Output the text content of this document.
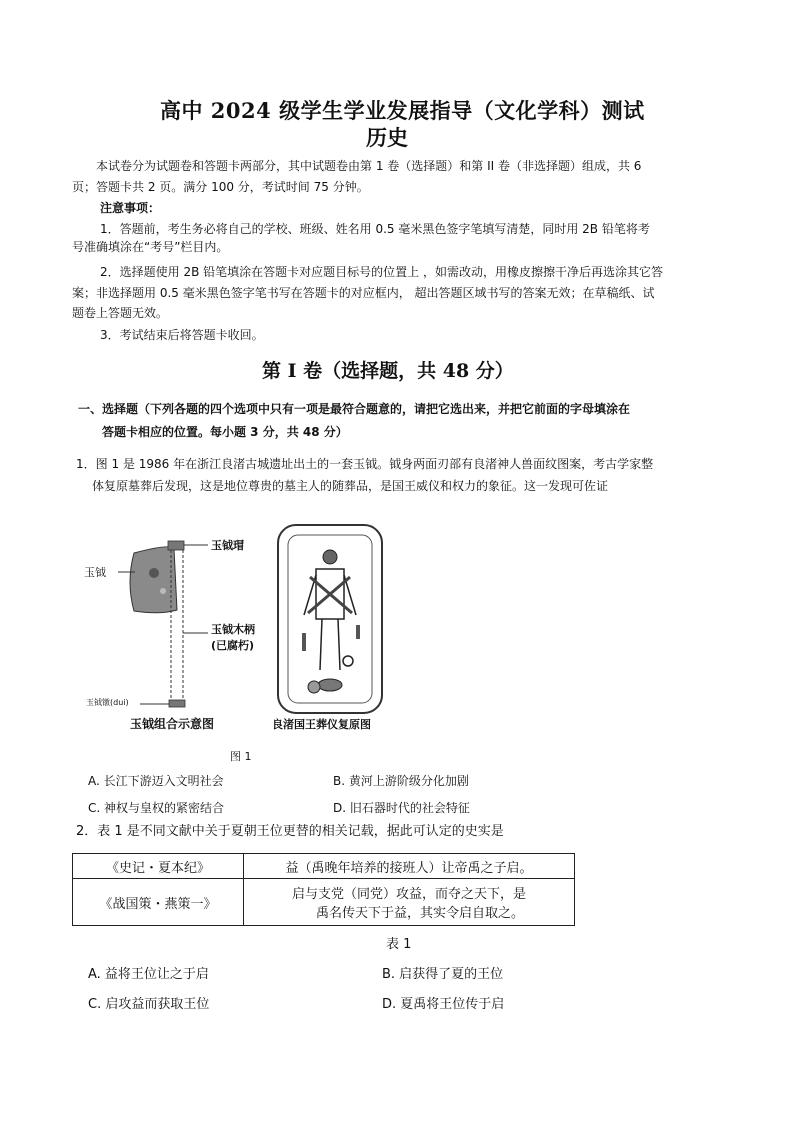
高中 2024 级学生学业发展指导（文化学科）测试
历史
本试卷分为试题卷和答题卡两部分，其中试题卷由第 1 卷（选择题）和第 II 卷（非选择题）组成，共 6
页；答题卡共 2 页。满分 100 分，考试时间 75 分钟。
注意事项：
1．答题前，考生务必将自己的学校、班级、姓名用 0.5 毫米黑色签字笔填写清楚，同时用 2B 铅笔将考
号准确填涂在“考号”栏目内。
2．选择题使用 2B 铅笔填涂在答题卡对应题目标号的位置上 ，如需改动，用橡皮擦擦干净后再选涂其它答
案；非选择题用 0.5 毫米黑色签字笔书写在答题卡的对应框内， 超出答题区域书写的答案无效；在草稿纸、试
题卷上答题无效。
3．考试结束后将答题卡收回。
第 I 卷（选择题，共 48 分）
一、选择题（下列各题的四个选项中只有一项是最符合题意的，请把它选出来，并把它前面的字母填涂在
答题卡相应的位置。每小题 3 分，共 48 分）
1．图 1 是 1986 年在浙江良渚古城遗址出土的一套玉钺。钺身两面刃部有良渚神人兽面纹图案，考古学家整
体复原墓葬后发现，这是地位尊贵的墓主人的随葬品，是国王威仪和权力的象征。这一发现可佐证
玉钺
玉钺瑁
玉钺木柄
(已腐朽)
玉钺镦(dui)
玉钺组合示意图	良渚国王葬仪复原图
图 1
A. 长江下游迈入文明社会	B. 黄河上游阶级分化加剧
C. 神权与皇权的紧密结合	D. 旧石器时代的社会特征
2．表 1 是不同文献中关于夏朝王位更替的相关记载，据此可认定的史实是
《史记・夏本纪》	益（禹晚年培养的接班人）让帝禹之子启。
《战国策・燕策一》	启与支党（同党）攻益，而夺之天下，是
禹名传天下于益，其实令启自取之。
表 1
A. 益将王位让之于启	B. 启获得了夏的王位
C. 启攻益而获取王位	D. 夏禹将王位传于启
